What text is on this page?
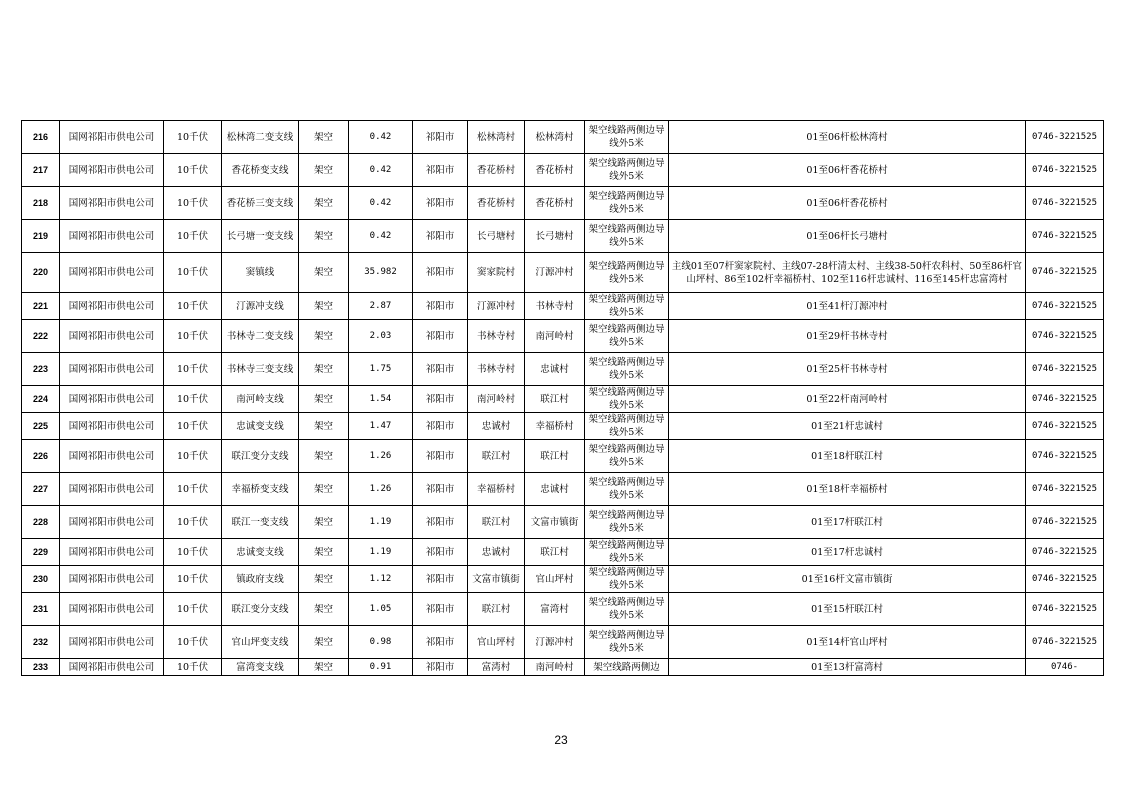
216	国网祁阳市供电公司	10千伏	松林湾二变支线	架空	0.42	祁阳市	松林湾村	松林湾村	架空线路两侧边导线外5米	01至06杆松林湾村	0746-3221525
217	国网祁阳市供电公司	10千伏	香花桥变支线	架空	0.42	祁阳市	香花桥村	香花桥村	架空线路两侧边导线外5米	01至06杆香花桥村	0746-3221525
218	国网祁阳市供电公司	10千伏	香花桥三变支线	架空	0.42	祁阳市	香花桥村	香花桥村	架空线路两侧边导线外5米	01至06杆香花桥村	0746-3221525
219	国网祁阳市供电公司	10千伏	长弓塘一变支线	架空	0.42	祁阳市	长弓塘村	长弓塘村	架空线路两侧边导线外5米	01至06杆长弓塘村	0746-3221525
220	国网祁阳市供电公司	10千伏	窦镇线	架空	35.982	祁阳市	窦家院村	汀源冲村	架空线路两侧边导线外5米	主线01至07杆窦家院村、主线07-28杆清太村、主线38-50杆农科村、50至86杆官山坪村、86至102杆幸福桥村、102至116杆忠诚村、116至145杆忠富湾村	0746-3221525
221	国网祁阳市供电公司	10千伏	汀源冲支线	架空	2.87	祁阳市	汀源冲村	书林寺村	架空线路两侧边导线外5米	01至41杆汀源冲村	0746-3221525
222	国网祁阳市供电公司	10千伏	书林寺二变支线	架空	2.03	祁阳市	书林寺村	南河岭村	架空线路两侧边导线外5米	01至29杆书林寺村	0746-3221525
223	国网祁阳市供电公司	10千伏	书林寺三变支线	架空	1.75	祁阳市	书林寺村	忠诚村	架空线路两侧边导线外5米	01至25杆书林寺村	0746-3221525
224	国网祁阳市供电公司	10千伏	南河岭支线	架空	1.54	祁阳市	南河岭村	联江村	架空线路两侧边导线外5米	01至22杆南河岭村	0746-3221525
225	国网祁阳市供电公司	10千伏	忠诚变支线	架空	1.47	祁阳市	忠诚村	幸福桥村	架空线路两侧边导线外5米	01至21杆忠诚村	0746-3221525
226	国网祁阳市供电公司	10千伏	联江变分支线	架空	1.26	祁阳市	联江村	联江村	架空线路两侧边导线外5米	01至18杆联江村	0746-3221525
227	国网祁阳市供电公司	10千伏	幸福桥变支线	架空	1.26	祁阳市	幸福桥村	忠诚村	架空线路两侧边导线外5米	01至18杆幸福桥村	0746-3221525
228	国网祁阳市供电公司	10千伏	联江一变支线	架空	1.19	祁阳市	联江村	文富市镇街	架空线路两侧边导线外5米	01至17杆联江村	0746-3221525
229	国网祁阳市供电公司	10千伏	忠诚变支线	架空	1.19	祁阳市	忠诚村	联江村	架空线路两侧边导线外5米	01至17杆忠诚村	0746-3221525
230	国网祁阳市供电公司	10千伏	镇政府支线	架空	1.12	祁阳市	文富市镇街	官山坪村	架空线路两侧边导线外5米	01至16杆文富市镇街	0746-3221525
231	国网祁阳市供电公司	10千伏	联江变分支线	架空	1.05	祁阳市	联江村	富湾村	架空线路两侧边导线外5米	01至15杆联江村	0746-3221525
232	国网祁阳市供电公司	10千伏	官山坪变支线	架空	0.98	祁阳市	官山坪村	汀源冲村	架空线路两侧边导线外5米	01至14杆官山坪村	0746-3221525
233	国网祁阳市供电公司	10千伏	富湾变支线	架空	0.91	祁阳市	富湾村	南河岭村	架空线路两侧边	01至13杆富湾村	0746-
23
